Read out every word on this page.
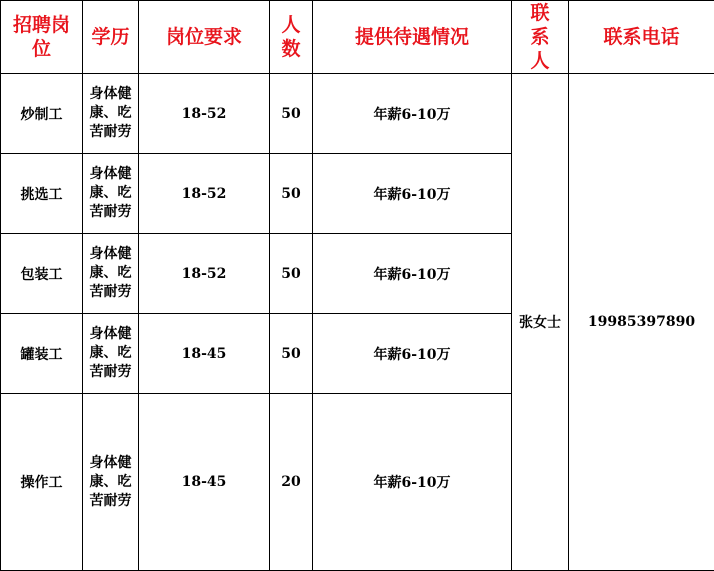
招聘岗位	学历	岗位要求	人数	提供待遇情况	联系人	联系电话

炒制工	身体健康、吃苦耐劳	18-52	50	年薪6-10万	张女士	19985397890
挑选工	身体健康、吃苦耐劳	18-52	50	年薪6-10万		
包装工	身体健康、吃苦耐劳	18-52	50	年薪6-10万		
罐装工	身体健康、吃苦耐劳	18-45	50	年薪6-10万		
操作工	身体健康、吃苦耐劳	18-45	20	年薪6-10万		
